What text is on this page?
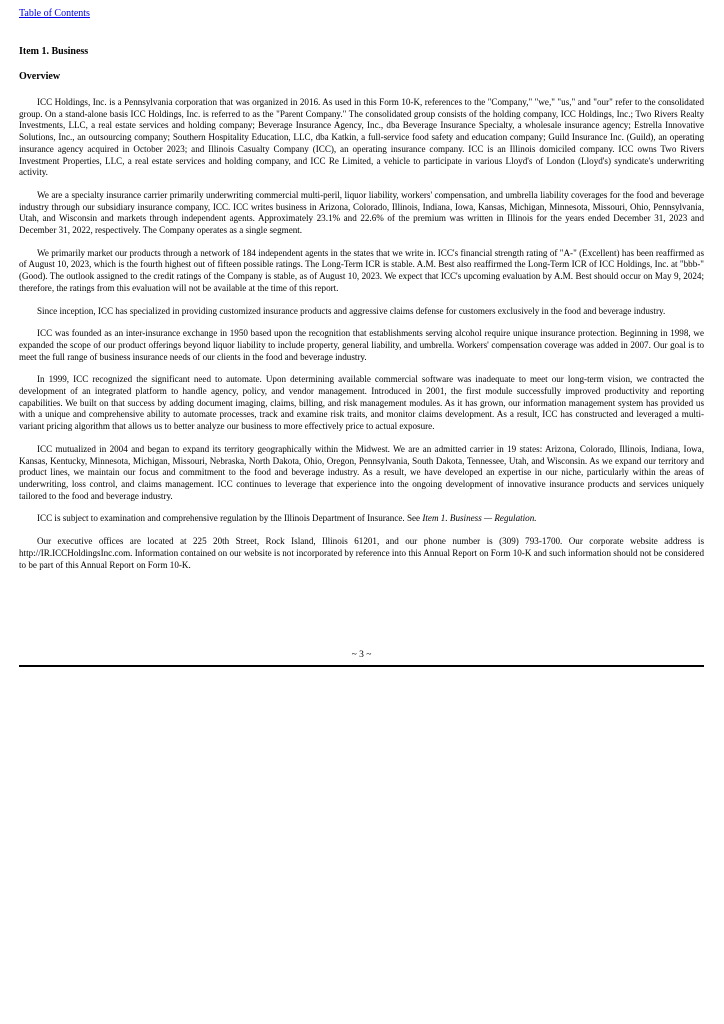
Table of Contents
Item 1. Business
Overview

ICC Holdings, Inc. is a Pennsylvania corporation that was organized in 2016. As used in this Form 10-K, references to the "Company," "we," "us," and "our" refer to the consolidated group. On a stand-alone basis ICC Holdings, Inc. is referred to as the "Parent Company." The consolidated group consists of the holding company, ICC Holdings, Inc.; Two Rivers Realty Investments, LLC, a real estate services and holding company; Beverage Insurance Agency, Inc., dba Beverage Insurance Specialty, a wholesale insurance agency; Estrella Innovative Solutions, Inc., an outsourcing company; Southern Hospitality Education, LLC, dba Katkin, a full-service food safety and education company; Guild Insurance Inc. (Guild), an operating insurance agency acquired in October 2023; and Illinois Casualty Company (ICC), an operating insurance company. ICC is an Illinois domiciled company. ICC owns Two Rivers Investment Properties, LLC, a real estate services and holding company, and ICC Re Limited, a vehicle to participate in various Lloyd's of London (Lloyd's) syndicate's underwriting activity.

We are a specialty insurance carrier primarily underwriting commercial multi-peril, liquor liability, workers' compensation, and umbrella liability coverages for the food and beverage industry through our subsidiary insurance company, ICC. ICC writes business in Arizona, Colorado, Illinois, Indiana, Iowa, Kansas, Michigan, Minnesota, Missouri, Ohio, Pennsylvania, Utah, and Wisconsin and markets through independent agents. Approximately 23.1% and 22.6% of the premium was written in Illinois for the years ended December 31, 2023 and December 31, 2022, respectively. The Company operates as a single segment.

We primarily market our products through a network of 184 independent agents in the states that we write in. ICC's financial strength rating of "A-" (Excellent) has been reaffirmed as of August 10, 2023, which is the fourth highest out of fifteen possible ratings. The Long-Term ICR is stable. A.M. Best also reaffirmed the Long-Term ICR of ICC Holdings, Inc. at "bbb-" (Good). The outlook assigned to the credit ratings of the Company is stable, as of August 10, 2023. We expect that ICC's upcoming evaluation by A.M. Best should occur on May 9, 2024; therefore, the ratings from this evaluation will not be available at the time of this report.

Since inception, ICC has specialized in providing customized insurance products and aggressive claims defense for customers exclusively in the food and beverage industry.

ICC was founded as an inter-insurance exchange in 1950 based upon the recognition that establishments serving alcohol require unique insurance protection. Beginning in 1998, we expanded the scope of our product offerings beyond liquor liability to include property, general liability, and umbrella. Workers' compensation coverage was added in 2007. Our goal is to meet the full range of business insurance needs of our clients in the food and beverage industry.

In 1999, ICC recognized the significant need to automate. Upon determining available commercial software was inadequate to meet our long-term vision, we contracted the development of an integrated platform to handle agency, policy, and vendor management. Introduced in 2001, the first module successfully improved productivity and reporting capabilities. We built on that success by adding document imaging, claims, billing, and risk management modules. As it has grown, our information management system has provided us with a unique and comprehensive ability to automate processes, track and examine risk traits, and monitor claims development. As a result, ICC has constructed and leveraged a multi-variant pricing algorithm that allows us to better analyze our business to more effectively price to actual exposure.

ICC mutualized in 2004 and began to expand its territory geographically within the Midwest. We are an admitted carrier in 19 states: Arizona, Colorado, Illinois, Indiana, Iowa, Kansas, Kentucky, Minnesota, Michigan, Missouri, Nebraska, North Dakota, Ohio, Oregon, Pennsylvania, South Dakota, Tennessee, Utah, and Wisconsin. As we expand our territory and product lines, we maintain our focus and commitment to the food and beverage industry. As a result, we have developed an expertise in our niche, particularly within the areas of underwriting, loss control, and claims management. ICC continues to leverage that experience into the ongoing development of innovative insurance products and services uniquely tailored to the food and beverage industry.

ICC is subject to examination and comprehensive regulation by the Illinois Department of Insurance. See Item 1. Business — Regulation.

Our executive offices are located at 225 20th Street, Rock Island, Illinois 61201, and our phone number is (309) 793-1700. Our corporate website address is http://IR.ICCHoldingsInc.com. Information contained on our website is not incorporated by reference into this Annual Report on Form 10-K and such information should not be considered to be part of this Annual Report on Form 10-K.

~ 3 ~
